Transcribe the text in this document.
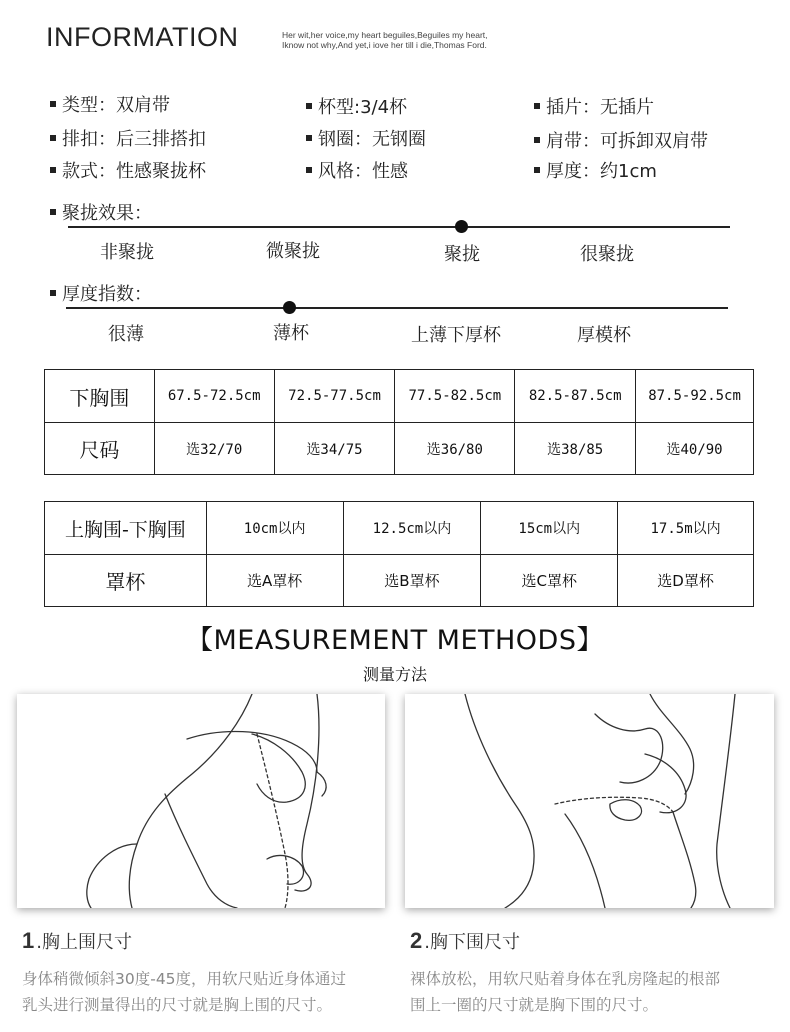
INFORMATION	Her wit,her voice,my heart beguiles,Beguiles my heart,
Iknow not why,And yet,i iove her till i die,Thomas Ford.
类型：双肩带	杯型:3/4杯	插片：无插片
排扣：后三排搭扣	钢圈：无钢圈	肩带：可拆卸双肩带
款式：性感聚拢杯	风格：性感	厚度：约1cm
聚拢效果：
非聚拢	微聚拢	聚拢	很聚拢
厚度指数：
很薄	薄杯	上薄下厚杯	厚模杯
下胸围	67.5-72.5cm	72.5-77.5cm	77.5-82.5cm	82.5-87.5cm	87.5-92.5cm
尺码	选32/70	选34/75	选36/80	选38/85	选40/90
上胸围-下胸围	10cm以内	12.5cm以内	15cm以内	17.5m以内
罩杯	选A罩杯	选B罩杯	选C罩杯	选D罩杯
【MEASUREMENT METHODS】
测量方法
1 . 胸上围尺寸
身体稍微倾斜30度-45度，用软尺贴近身体通过
乳头进行测量得出的尺寸就是胸上围的尺寸。
2 . 胸下围尺寸
裸体放松，用软尺贴着身体在乳房隆起的根部
围上一圈的尺寸就是胸下围的尺寸。
